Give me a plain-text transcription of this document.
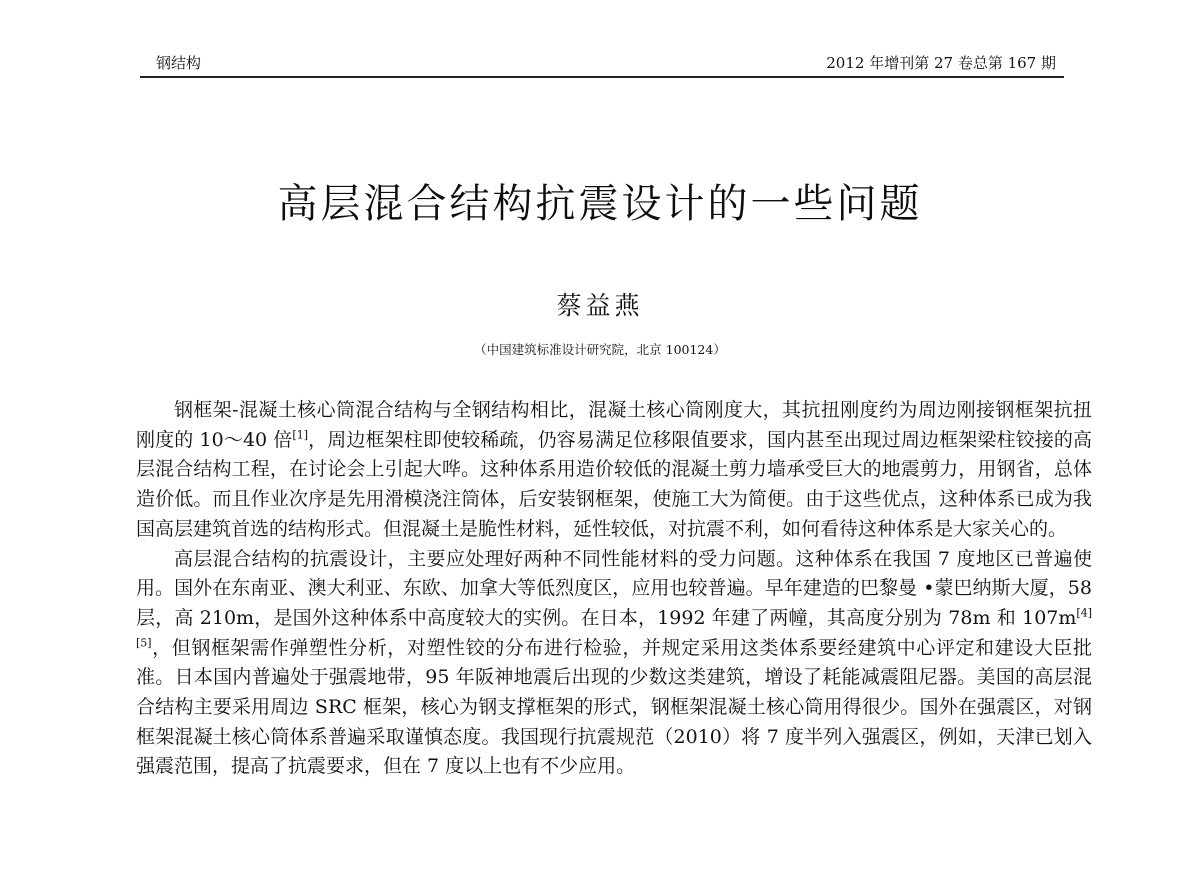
钢结构	2012 年增刊第 27 卷总第 167 期
高层混合结构抗震设计的一些问题
蔡益燕
（中国建筑标准设计研究院，北京 100124）

钢框架-混凝土核心筒混合结构与全钢结构相比，混凝土核心筒刚度大，其抗扭刚度约为周边刚接钢框架抗扭刚度的 10～40 倍[1]，周边框架柱即使较稀疏，仍容易满足位移限值要求，国内甚至出现过周边框架梁柱铰接的高层混合结构工程，在讨论会上引起大哗。这种体系用造价较低的混凝土剪力墙承受巨大的地震剪力，用钢省，总体造价低。而且作业次序是先用滑模浇注筒体，后安装钢框架，使施工大为简便。由于这些优点，这种体系已成为我国高层建筑首选的结构形式。但混凝土是脆性材料，延性较低，对抗震不利，如何看待这种体系是大家关心的。

高层混合结构的抗震设计，主要应处理好两种不同性能材料的受力问题。这种体系在我国 7 度地区已普遍使用。国外在东南亚、澳大利亚、东欧、加拿大等低烈度区，应用也较普遍。早年建造的巴黎曼 •蒙巴纳斯大厦，58 层，高 210m，是国外这种体系中高度较大的实例。在日本，1992 年建了两幢，其高度分别为 78m 和 107m[4][5]，但钢框架需作弹塑性分析，对塑性铰的分布进行检验，并规定采用这类体系要经建筑中心评定和建设大臣批准。日本国内普遍处于强震地带，95 年阪神地震后出现的少数这类建筑，增设了耗能减震阻尼器。美国的高层混合结构主要采用周边 SRC 框架，核心为钢支撑框架的形式，钢框架混凝土核心筒用得很少。国外在强震区，对钢框架混凝土核心筒体系普遍采取谨慎态度。我国现行抗震规范（2010）将 7 度半列入强震区，例如，天津已划入强震范围，提高了抗震要求，但在 7 度以上也有不少应用。
